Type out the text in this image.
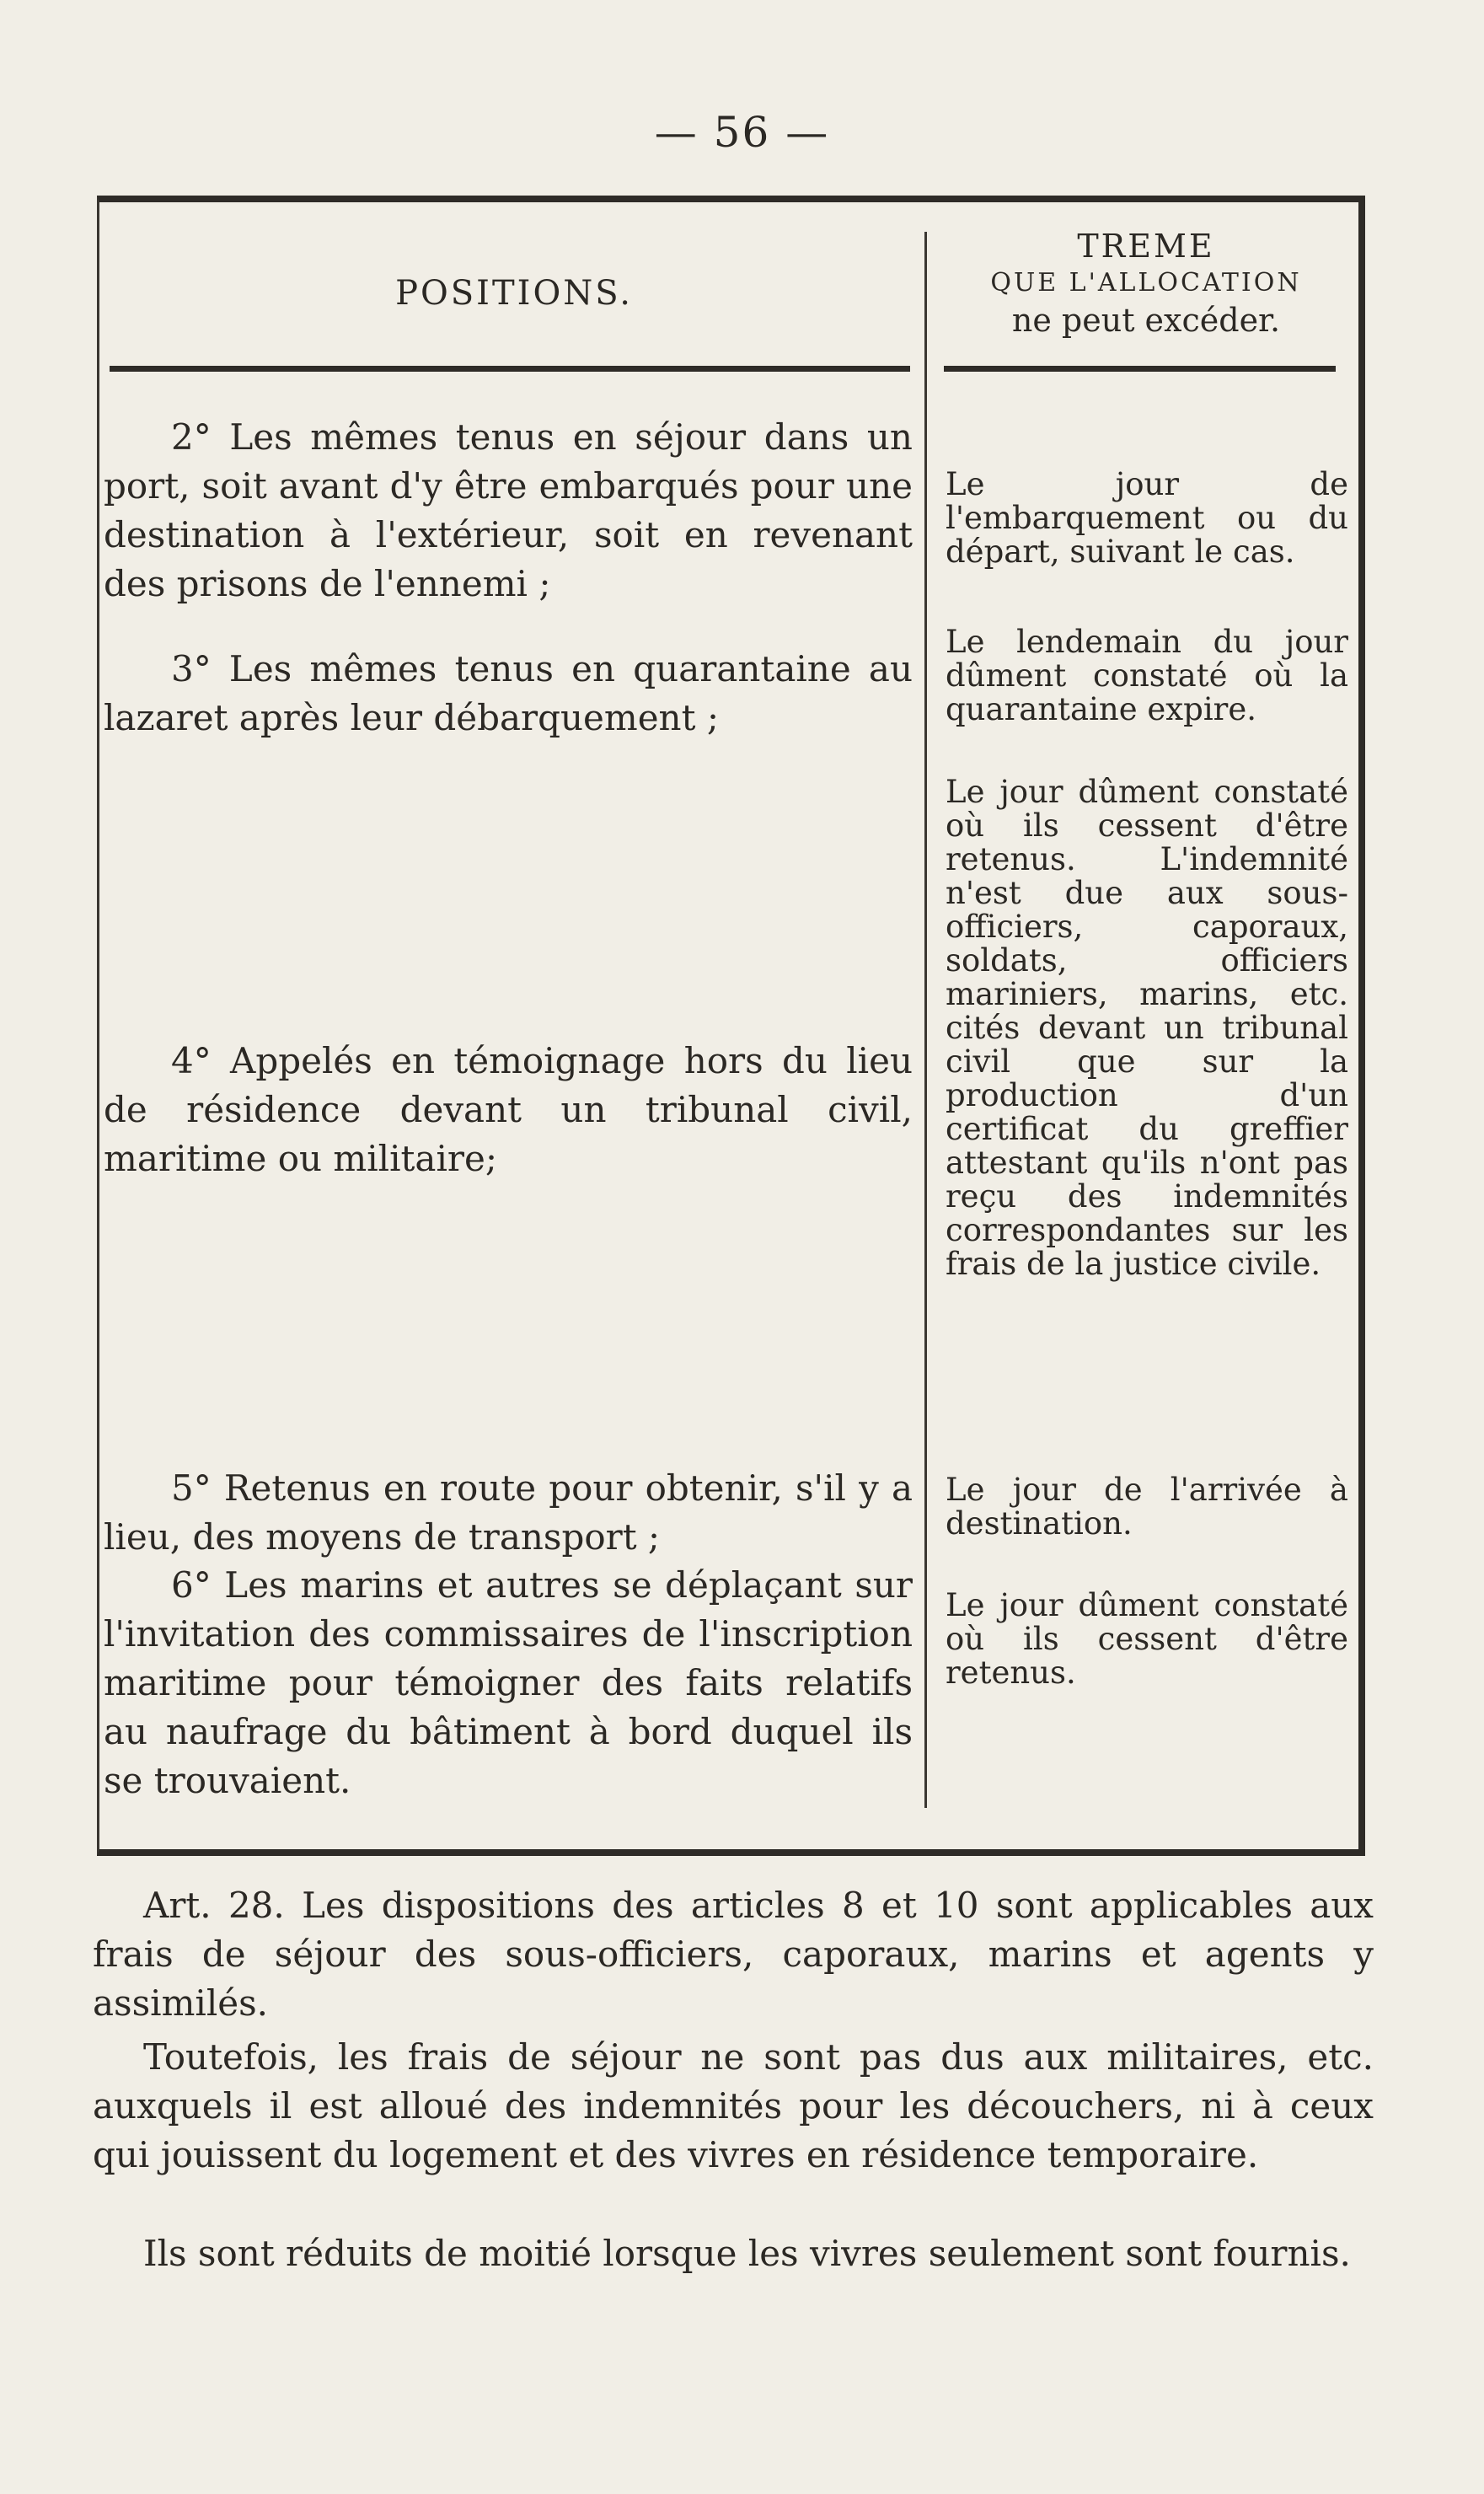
— 56 —
POSITIONS.
TREME
QUE L'ALLOCATION
ne peut excéder.

2° Les mêmes tenus en séjour dans un port, soit avant d'y être embarqués pour une destination à l'extérieur, soit en revenant des prisons de l'ennemi ;

Le jour de l'embarquement ou du départ, suivant le cas.

3° Les mêmes tenus en quarantaine au lazaret après leur débarquement ;

Le lendemain du jour dûment constaté où la quarantaine expire.

4° Appelés en témoignage hors du lieu de résidence devant un tribunal civil, maritime ou militaire;

Le jour dûment constaté où ils cessent d'être retenus. L'indemnité n'est due aux sous-officiers, caporaux, soldats, officiers mariniers, marins, etc. cités devant un tribunal civil que sur la production d'un certificat du greffier attestant qu'ils n'ont pas reçu des indemnités correspondantes sur les frais de la justice civile.

5° Retenus en route pour obtenir, s'il y a lieu, des moyens de transport ;

Le jour de l'arrivée à destination.

6° Les marins et autres se déplaçant sur l'invitation des commissaires de l'inscription maritime pour témoigner des faits relatifs au naufrage du bâtiment à bord duquel ils se trouvaient.

Le jour dûment constaté où ils cessent d'être retenus.

Art. 28. Les dispositions des articles 8 et 10 sont applicables aux frais de séjour des sous-officiers, caporaux, marins et agents y assimilés.

Toutefois, les frais de séjour ne sont pas dus aux militaires, etc. auxquels il est alloué des indemnités pour les découchers, ni à ceux qui jouissent du logement et des vivres en résidence temporaire.

Ils sont réduits de moitié lorsque les vivres seulement sont fournis.
